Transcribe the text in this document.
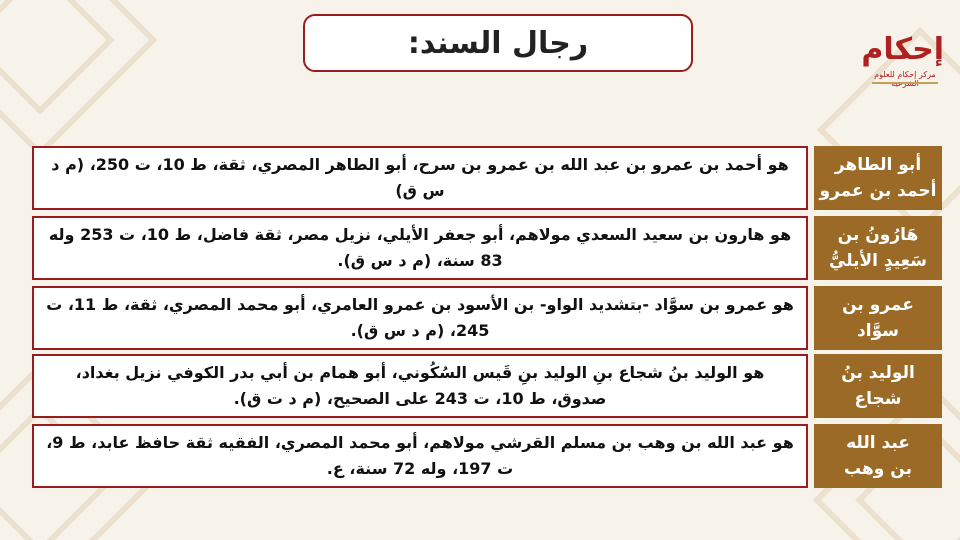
رجال السند:	إحكام
مركز إحكام للعلوم
هو أحمد بن عمرو بن عبد الله بن عمرو بن سرح، أبو الطاهر المصري، ثقة، ط 10، ت 250، (م د س ق)
أبو الطاهر
أحمد بن عمرو
هو هارون بن سعيد السعدي مولاهم، أبو جعفر الأيلي، نزيل مصر، ثقة فاضل، ط 10، ت 253 وله 83 سنة، (م د س ق).
هَارُونُ بن
سَعِيدٍ الأيليُّ
هو عمرو بن سوَّاد -بتشديد الواو- بن الأسود بن عمرو العامري، أبو محمد المصري، ثقة، ط 11، ت 245، (م د س ق).
عمرو بن
سوَّاد
هو الوليد بنُ شجاع بنِ الوليد بنِ قَيس السُكُوني، أبو همام بن أبي بدر الكوفي نزيل بغداد، صدوق، ط 10، ت 243 على الصحيح، (م د ت ق).
الوليد بنُ
شجاع
هو عبد الله بن وهب بن مسلم القرشي مولاهم، أبو محمد المصري، الفقيه ثقة حافظ عابد، ط 9، ت 197، وله 72 سنة، ع.
عبد الله
بن وهب
